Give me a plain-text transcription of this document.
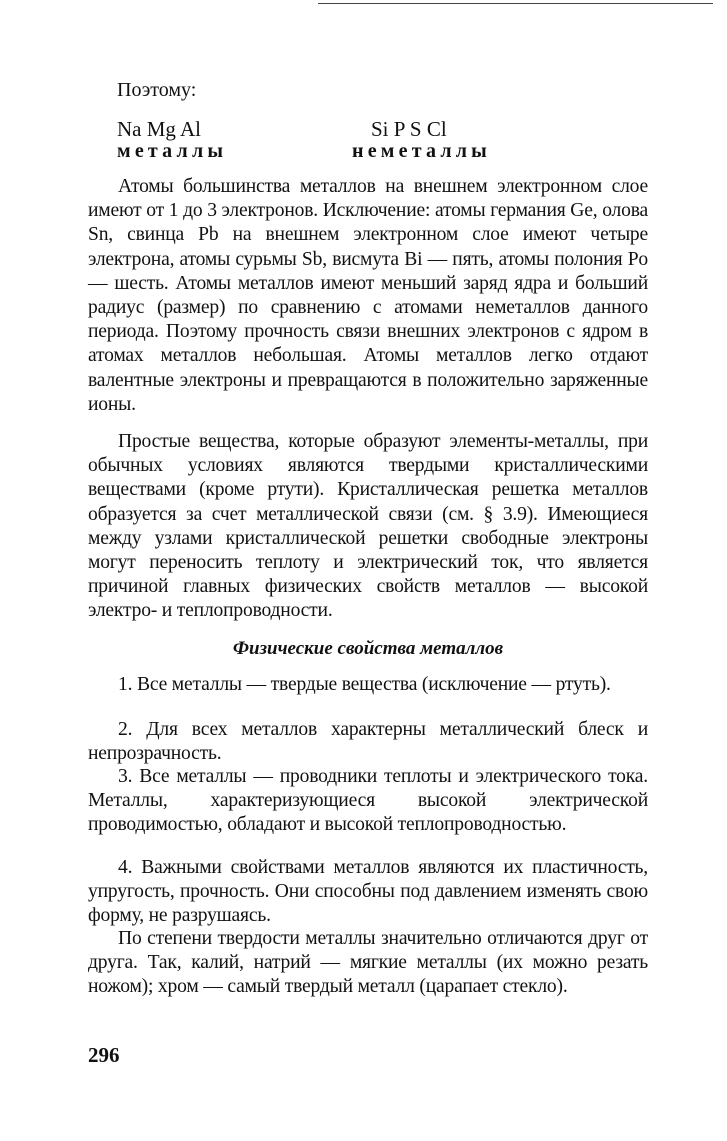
Поэтому:
Na Mg Al	Si P S Cl
металлы	неметаллы

Атомы большинства металлов на внешнем электронном слое имеют от 1 до 3 электронов. Исключение: атомы германия Ge, олова Sn, свинца Pb на внешнем электронном слое имеют четыре электрона, атомы сурьмы Sb, висмута Bi — пять, атомы полония Po — шесть. Атомы металлов имеют меньший заряд ядра и больший радиус (размер) по сравнению с атомами неметаллов данного периода. Поэтому прочность связи внешних электронов с ядром в атомах металлов небольшая. Атомы металлов легко отдают валентные электроны и превращаются в положительно заряженные ионы.

Простые вещества, которые образуют элементы-металлы, при обычных условиях являются твердыми кристаллическими веществами (кроме ртути). Кристаллическая решетка металлов образуется за счет металлической связи (см. § 3.9). Имеющиеся между узлами кристаллической решетки свободные электроны могут переносить теплоту и электрический ток, что является причиной главных физических свойств металлов — высокой электро- и теплопроводности.

Физические свойства металлов

1. Все металлы — твердые вещества (исключение — ртуть).

2. Для всех металлов характерны металлический блеск и непрозрачность.

3. Все металлы — проводники теплоты и электрического тока. Металлы, характеризующиеся высокой электрической проводимостью, обладают и высокой теплопроводностью.

4. Важными свойствами металлов являются их пластичность, упругость, прочность. Они способны под давлением изменять свою форму, не разрушаясь.

По степени твердости металлы значительно отличаются друг от друга. Так, калий, натрий — мягкие металлы (их можно резать ножом); хром — самый твердый металл (царапает стекло).

296
